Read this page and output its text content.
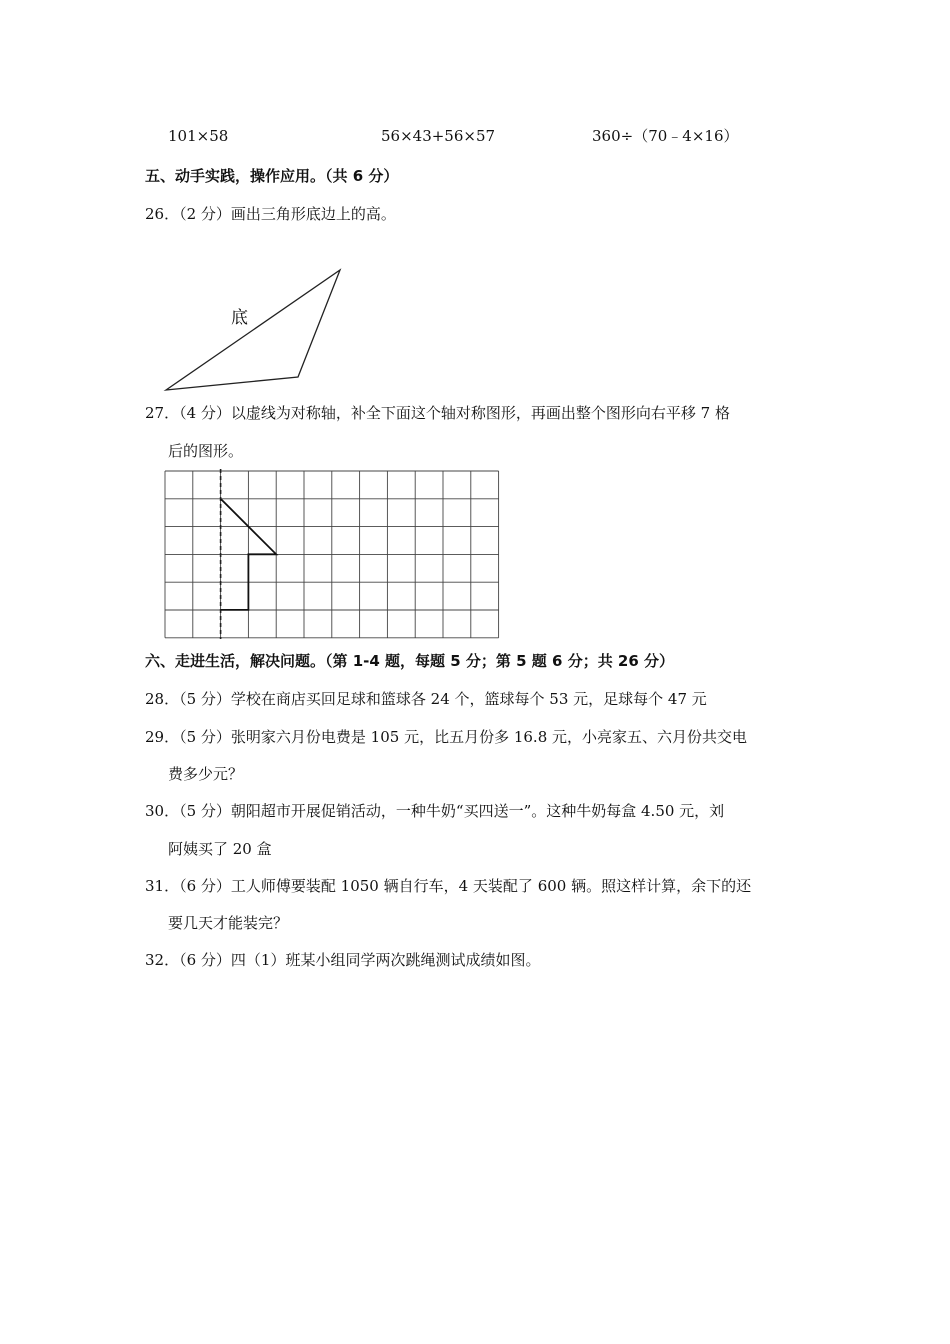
101×58	56×43+56×57	360÷（70﹣4×16）
五、动手实践，操作应用。（共 6 分）
26．（2 分）画出三角形底边上的高。
底
27．（4 分）以虚线为对称轴，补全下面这个轴对称图形，再画出整个图形向右平移 7 格
后的图形。
六、走进生活，解决问题。（第 1-4 题，每题 5 分；第 5 题 6 分；共 26 分）
28．（5 分）学校在商店买回足球和篮球各 24 个，篮球每个 53 元，足球每个 47 元
29．（5 分）张明家六月份电费是 105 元，比五月份多 16.8 元，小亮家五、六月份共交电
费多少元？
30．（5 分）朝阳超市开展促销活动，一种牛奶“买四送一”。这种牛奶每盒 4.50 元，刘
阿姨买了 20 盒
31．（6 分）工人师傅要装配 1050 辆自行车，4 天装配了 600 辆。照这样计算，余下的还
要几天才能装完？
32．（6 分）四（1）班某小组同学两次跳绳测试成绩如图。
